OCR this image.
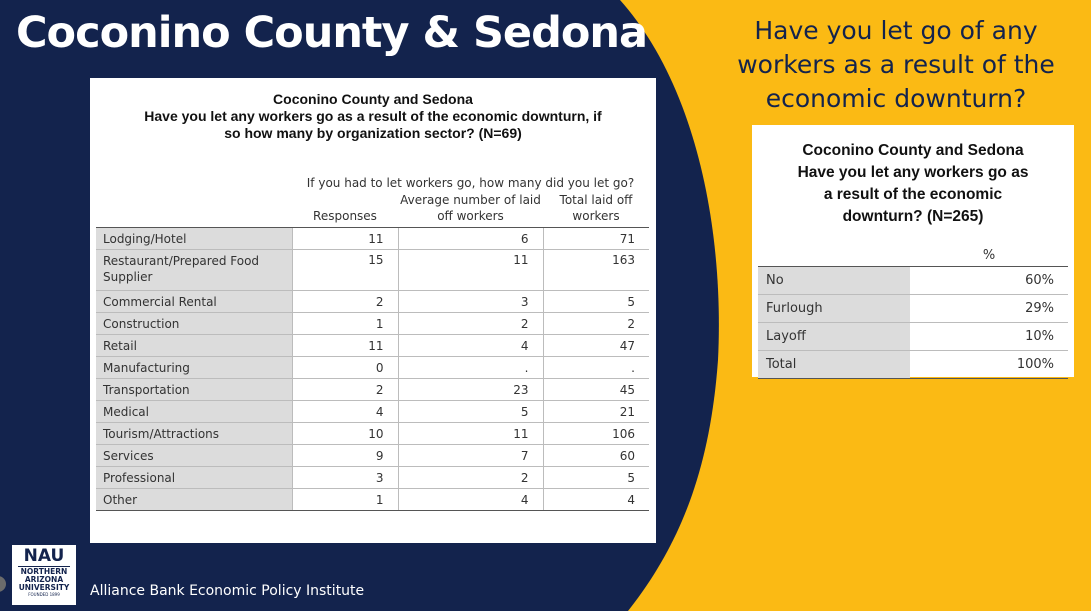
Coconino County & Sedona	Have you let go of any workers as a result of the economic downturn?
Coconino County and Sedona
Have you let any workers go as a result of the economic downturn, if
so how many by organization sector? (N=69)
	If you had to let workers go, how many did you let go?		
	Responses	Average number of laid off workers	Total laid off workers
Lodging/Hotel	11	6	71
Restaurant/Prepared Food Supplier	15	11	163
Commercial Rental	2	3	5
Construction	1	2	2
Retail	11	4	47
Manufacturing	0	.	.
Transportation	2	23	45
Medical	4	5	21
Tourism/Attractions	10	11	106
Services	9	7	60
Professional	3	2	5
Other	1	4	4
Coconino County and Sedona
Have you let any workers go as
a result of the economic
downturn? (N=265)
	%
No	60%
Furlough	29%
Layoff	10%
Total	100%
NAU
NORTHERN
ARIZONA
UNIVERSITY
FOUNDED 1899	Alliance Bank Economic Policy Institute
